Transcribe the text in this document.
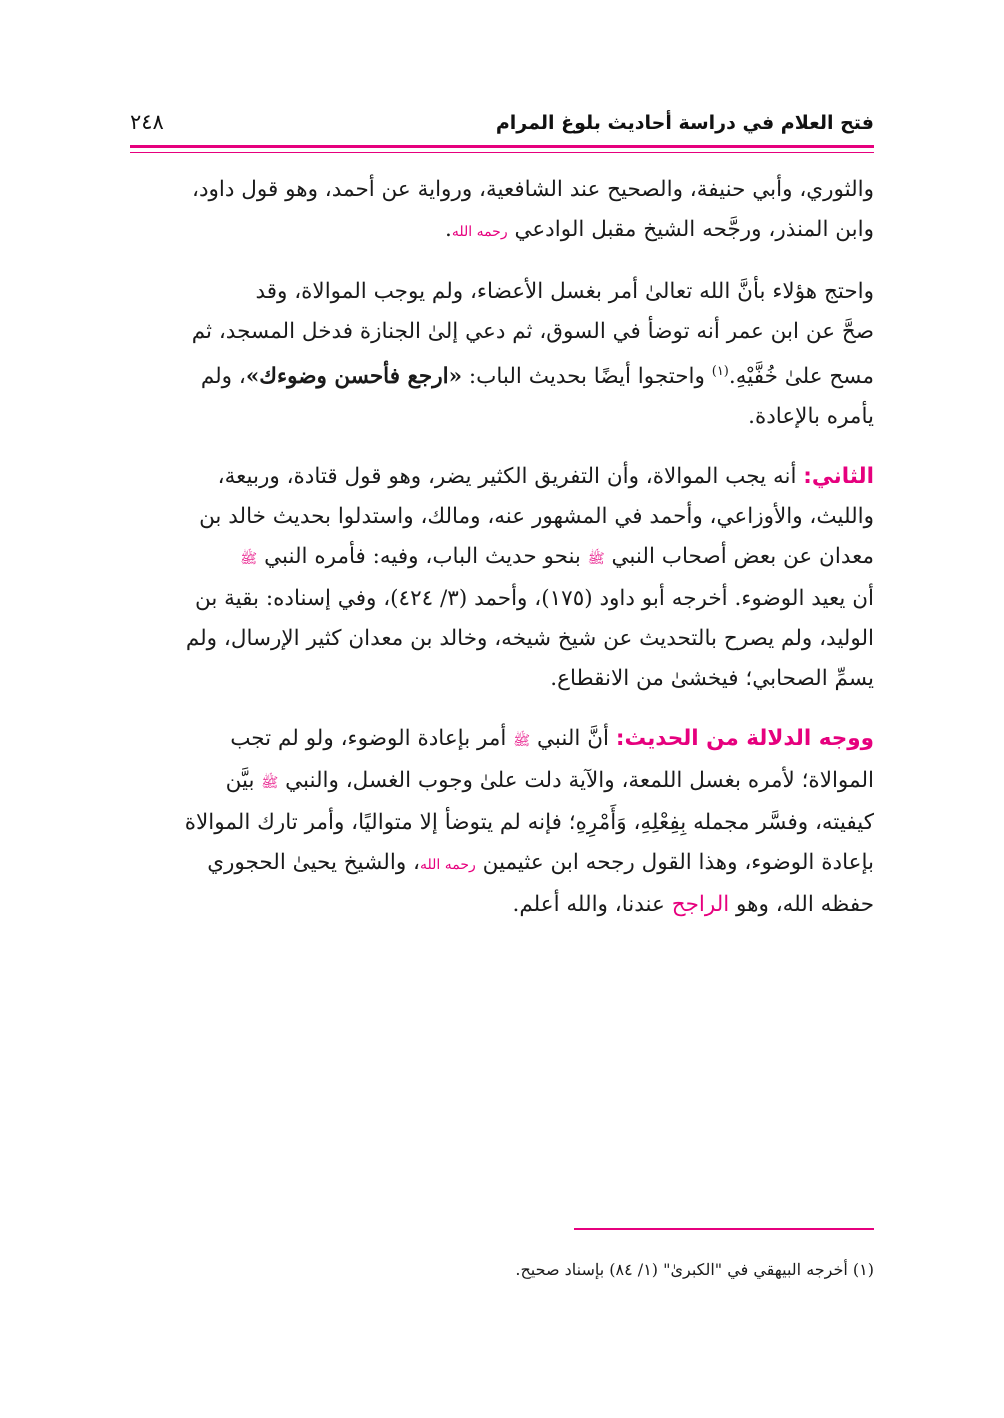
فتح العلام في دراسة أحاديث بلوغ المرام
٢٤٨

والثوري، وأبي حنيفة، والصحيح عند الشافعية، ورواية عن أحمد، وهو قول داود،
وابن المنذر، ورجَّحه الشيخ مقبل الوادعي رحمه الله.

واحتج هؤلاء بأنَّ الله تعالىٰ أمر بغسل الأعضاء، ولم يوجب الموالاة، وقد
صحَّ عن ابن عمر أنه توضأ في السوق، ثم دعي إلىٰ الجنازة فدخل المسجد، ثم
مسح علىٰ خُفَّيْهِ.$^{(١)}$ واحتجوا أيضًا بحديث الباب: «ارجع فأحسن وضوءك»، ولم
يأمره بالإعادة.

الثاني: أنه يجب الموالاة، وأن التفريق الكثير يضر، وهو قول قتادة، وربيعة،
والليث، والأوزاعي، وأحمد في المشهور عنه، ومالك، واستدلوا بحديث خالد بن
معدان عن بعض أصحاب النبي ﷺ بنحو حديث الباب، وفيه: فأمره النبي ﷺ
أن يعيد الوضوء. أخرجه أبو داود (١٧٥)، وأحمد (٣/ ٤٢٤)، وفي إسناده: بقية بن
الوليد، ولم يصرح بالتحديث عن شيخ شيخه، وخالد بن معدان كثير الإرسال، ولم
يسمِّ الصحابي؛ فيخشىٰ من الانقطاع.

ووجه الدلالة من الحديث: أنَّ النبي ﷺ أمر بإعادة الوضوء، ولو لم تجب
الموالاة؛ لأمره بغسل اللمعة، والآية دلت علىٰ وجوب الغسل، والنبي ﷺ بيَّن
كيفيته، وفسَّر مجمله بِفِعْلِهِ، وَأَمْرِهِ؛ فإنه لم يتوضأ إلا متواليًا، وأمر تارك الموالاة
بإعادة الوضوء، وهذا القول رجحه ابن عثيمين رحمه الله، والشيخ يحيىٰ الحجوري
حفظه الله، وهو الراجح عندنا، والله أعلم.

(١) أخرجه البيهقي في "الكبرىٰ" (١/ ٨٤) بإسناد صحيح.
